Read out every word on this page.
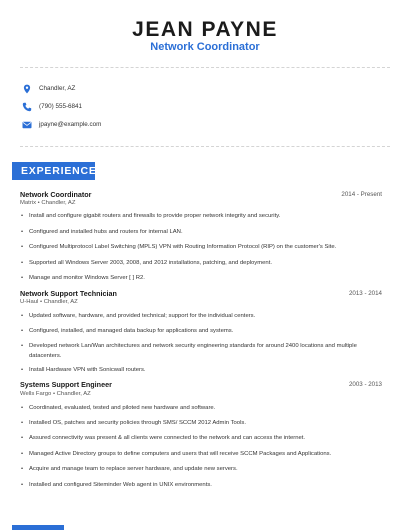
JEAN PAYNE
Network Coordinator
Chandler, AZ
(790) 555-6841
jpayne@example.com
EXPERIENCE
Network Coordinator	2014 - Present
Matrix • Chandler, AZ
• Install and configure gigabit routers and firewalls to provide proper network integrity and security.
• Configured and installed hubs and routers for internal LAN.
• Configured Multiprotocol Label Switching (MPLS) VPN with Routing Information Protocol (RIP) on the customer's Site.
• Supported all Windows Server 2003, 2008, and 2012 installations, patching, and deployment.
• Manage and monitor Windows Server [ ] R2.
Network Support Technician	2013 - 2014
U-Haul • Chandler, AZ
• Updated software, hardware, and provided technical; support for the individual centers.
• Configured, installed, and managed data backup for applications and systems.
• Developed network Lan/Wan architectures and network security engineering standards for around 2400 locations and multiple datacenters.
• Install Hardware VPN with Sonicwall routers.
Systems Support Engineer	2003 - 2013
Wells Fargo • Chandler, AZ
• Coordinated, evaluated, tested and piloted new hardware and software.
• Installed OS, patches and security policies through SMS/ SCCM 2012 Admin Tools.
• Assured connectivity was present & all clients were connected to the network and can access the internet.
• Managed Active Directory groups to define computers and users that will receive SCCM Packages and Applications.
• Acquire and manage team to replace server hardware, and update new servers.
• Installed and configured Siteminder Web agent in UNIX environments.
